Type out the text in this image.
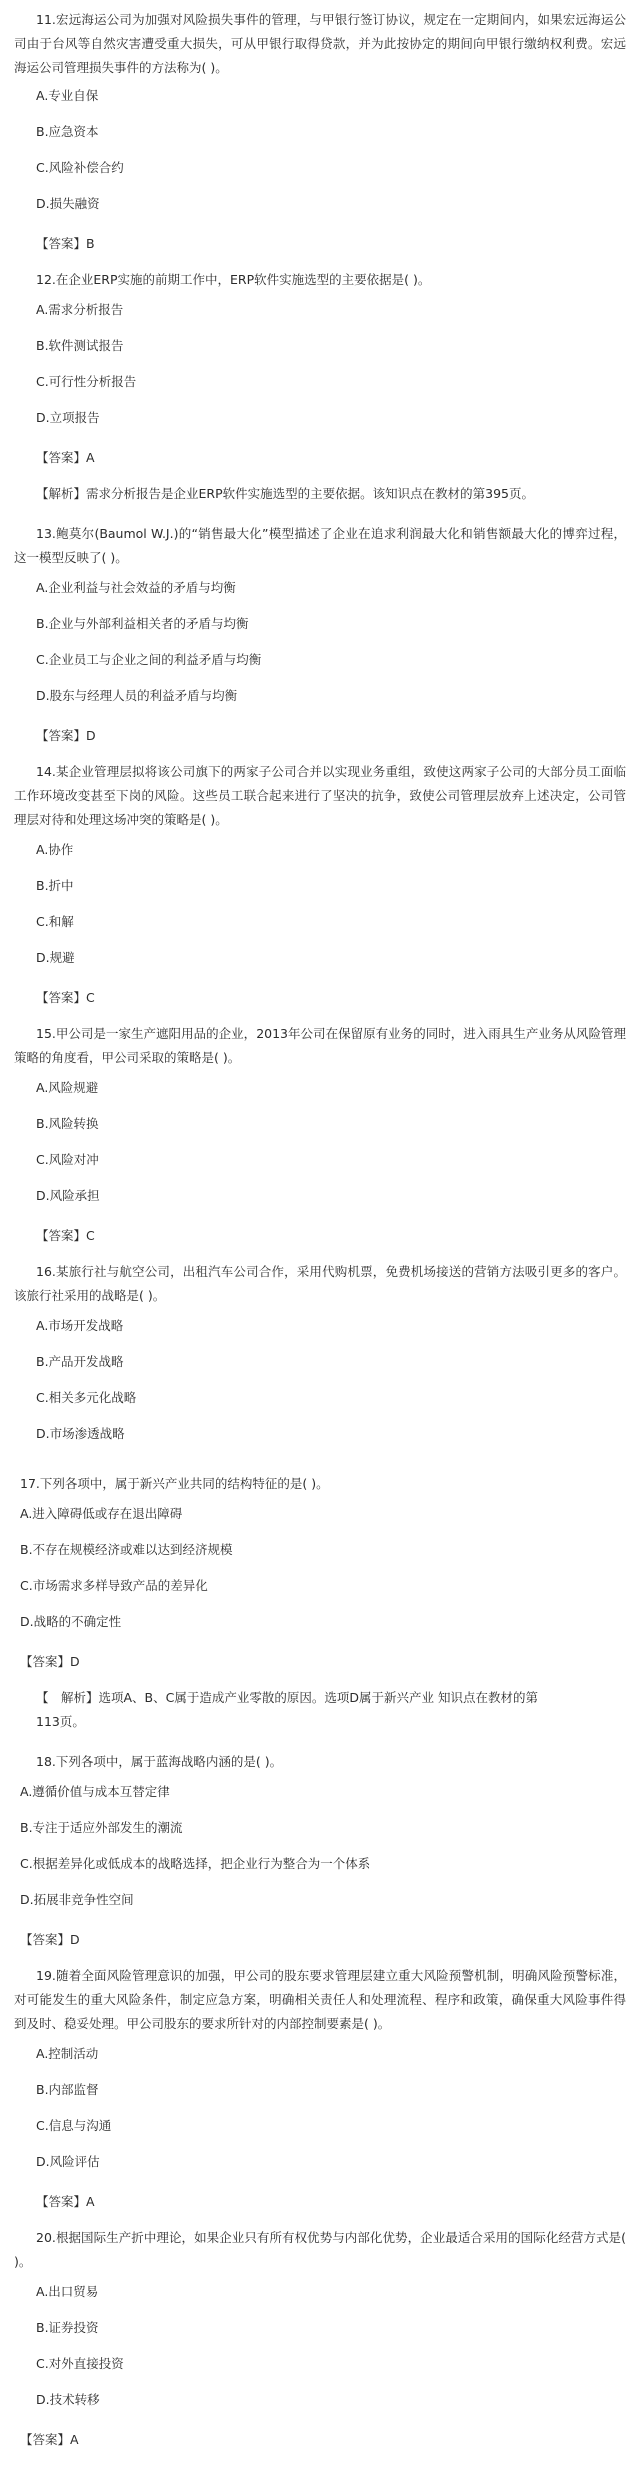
11.宏远海运公司为加强对风险损失事件的管理，与甲银行签订协议，规定在一定期间内，如果宏远海运公司由于台风等自然灾害遭受重大损失，可从甲银行取得贷款，并为此按协定的期间向甲银行缴纳权利费。宏远海运公司管理损失事件的方法称为( )。

A.专业自保
B.应急资本
C.风险补偿合约
D.损失融资
【答案】B

12.在企业ERP实施的前期工作中，ERP软件实施选型的主要依据是( )。

A.需求分析报告
B.软件测试报告
C.可行性分析报告
D.立项报告
【答案】A
【解析】需求分析报告是企业ERP软件实施选型的主要依据。该知识点在教材的第395页。

13.鲍莫尔(Baumol W.J.)的“销售最大化”模型描述了企业在追求利润最大化和销售额最大化的博弈过程，这一模型反映了( )。

A.企业利益与社会效益的矛盾与均衡
B.企业与外部利益相关者的矛盾与均衡
C.企业员工与企业之间的利益矛盾与均衡
D.股东与经理人员的利益矛盾与均衡
【答案】D

14.某企业管理层拟将该公司旗下的两家子公司合并以实现业务重组，致使这两家子公司的大部分员工面临工作环境改变甚至下岗的风险。这些员工联合起来进行了坚决的抗争，致使公司管理层放弃上述决定，公司管理层对待和处理这场冲突的策略是( )。

A.协作
B.折中
C.和解
D.规避
【答案】C

15.甲公司是一家生产遮阳用品的企业，2013年公司在保留原有业务的同时，进入雨具生产业务从风险管理策略的角度看，甲公司采取的策略是( )。

A.风险规避
B.风险转换
C.风险对冲
D.风险承担
【答案】C

16.某旅行社与航空公司，出租汽车公司合作，采用代购机票，免费机场接送的营销方法吸引更多的客户。该旅行社采用的战略是( )。

A.市场开发战略
B.产品开发战略
C.相关多元化战略
D.市场渗透战略

17.下列各项中，属于新兴产业共同的结构特征的是( )。

A.进入障碍低或存在退出障碍
B.不存在规模经济或难以达到经济规模
C.市场需求多样导致产品的差异化
D.战略的不确定性
【答案】D
【　解析】选项A、B、C属于造成产业零散的原因。选项D属于新兴产业 知识点在教材的第113页。

18.下列各项中，属于蓝海战略内涵的是( )。

A.遵循价值与成本互替定律
B.专注于适应外部发生的潮流
C.根据差异化或低成本的战略选择，把企业行为整合为一个体系
D.拓展非竞争性空间
【答案】D

19.随着全面风险管理意识的加强，甲公司的股东要求管理层建立重大风险预警机制，明确风险预警标准，对可能发生的重大风险条件，制定应急方案，明确相关责任人和处理流程、程序和政策，确保重大风险事件得到及时、稳妥处理。甲公司股东的要求所针对的内部控制要素是( )。

A.控制活动
B.内部监督
C.信息与沟通
D.风险评估
【答案】A

20.根据国际生产折中理论，如果企业只有所有权优势与内部化优势，企业最适合采用的国际化经营方式是( )。

A.出口贸易
B.证券投资
C.对外直接投资
D.技术转移
【答案】A
